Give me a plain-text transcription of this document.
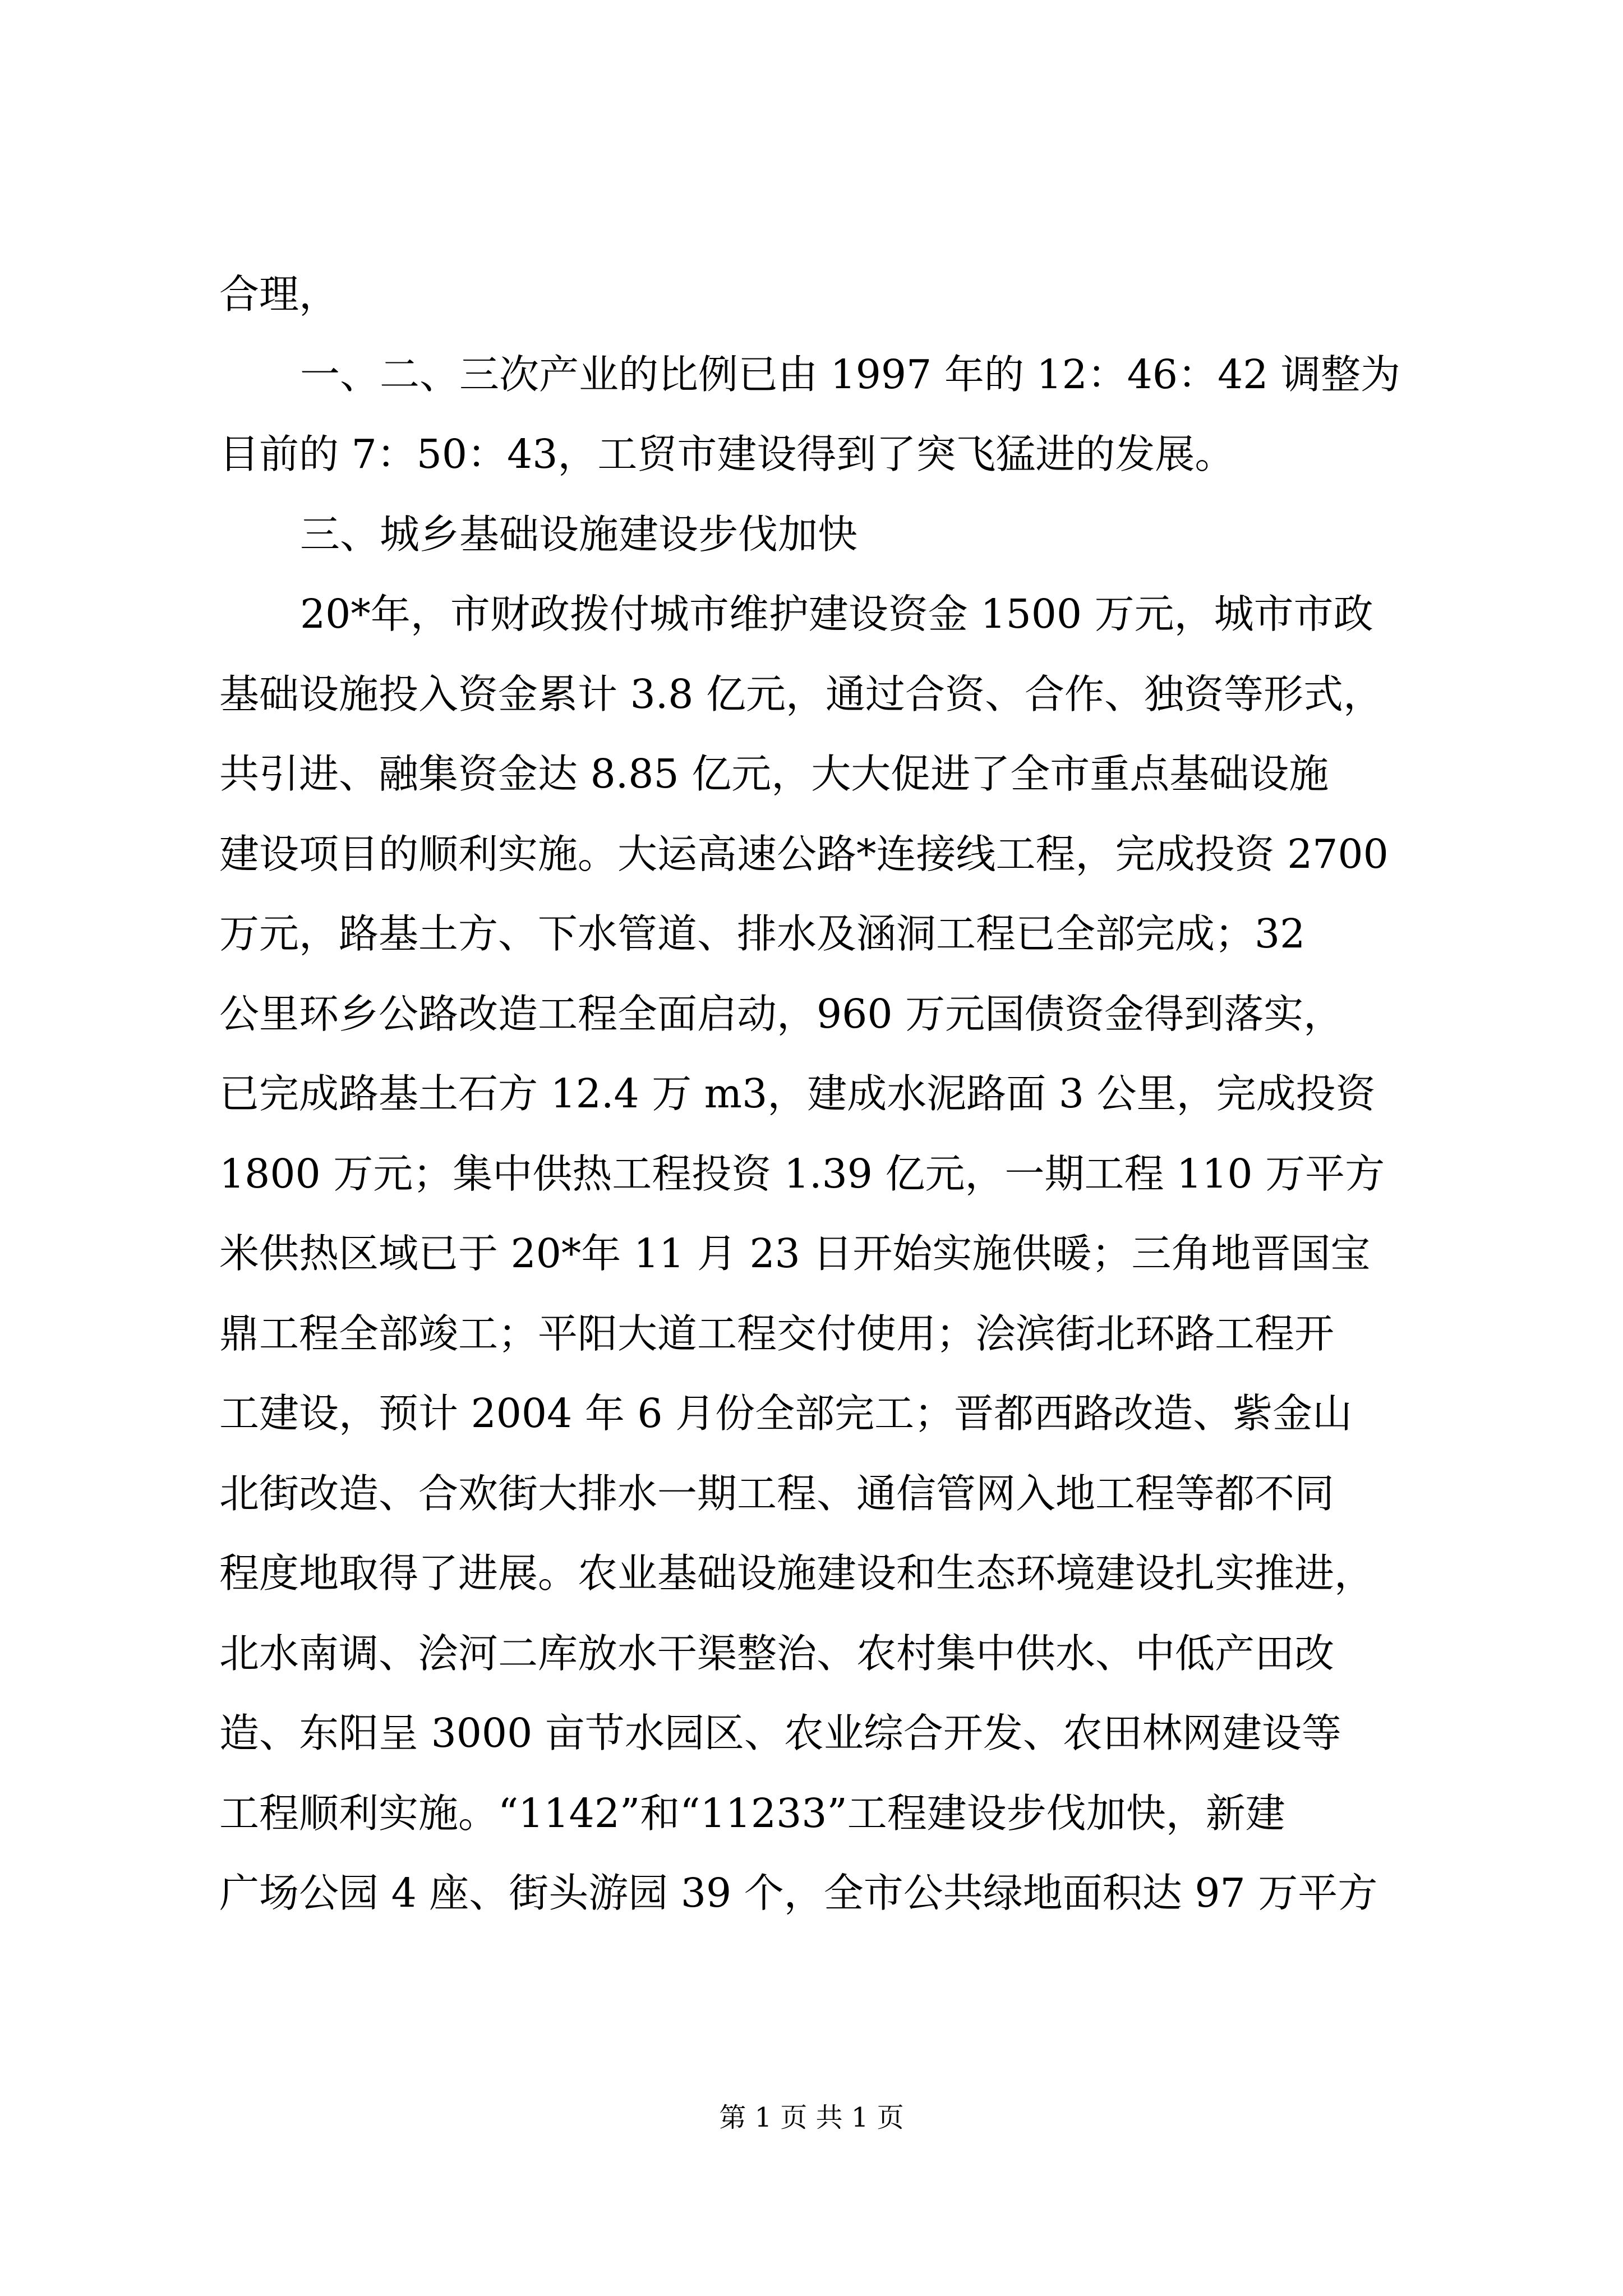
合理，
一、二、三次产业的比例已由 1997 年的 12：46：42 调整为
目前的 7：50：43，工贸市建设得到了突飞猛进的发展。
三、城乡基础设施建设步伐加快
20*年，市财政拨付城市维护建设资金 1500 万元，城市市政
基础设施投入资金累计 3.8 亿元，通过合资、合作、独资等形式，
共引进、融集资金达 8.85 亿元，大大促进了全市重点基础设施
建设项目的顺利实施。大运高速公路*连接线工程，完成投资 2700
万元，路基土方、下水管道、排水及涵洞工程已全部完成；32
公里环乡公路改造工程全面启动，960 万元国债资金得到落实，
已完成路基土石方 12.4 万 m3，建成水泥路面 3 公里，完成投资
1800 万元；集中供热工程投资 1.39 亿元，一期工程 110 万平方
米供热区域已于 20*年 11 月 23 日开始实施供暖；三角地晋国宝
鼎工程全部竣工；平阳大道工程交付使用；浍滨街北环路工程开
工建设，预计 2004 年 6 月份全部完工；晋都西路改造、紫金山
北街改造、合欢街大排水一期工程、通信管网入地工程等都不同
程度地取得了进展。农业基础设施建设和生态环境建设扎实推进，
北水南调、浍河二库放水干渠整治、农村集中供水、中低产田改
造、东阳呈 3000 亩节水园区、农业综合开发、农田林网建设等
工程顺利实施。“1142”和“11233”工程建设步伐加快，新建
广场公园 4 座、街头游园 39 个，全市公共绿地面积达 97 万平方
第 1 页 共 1 页
